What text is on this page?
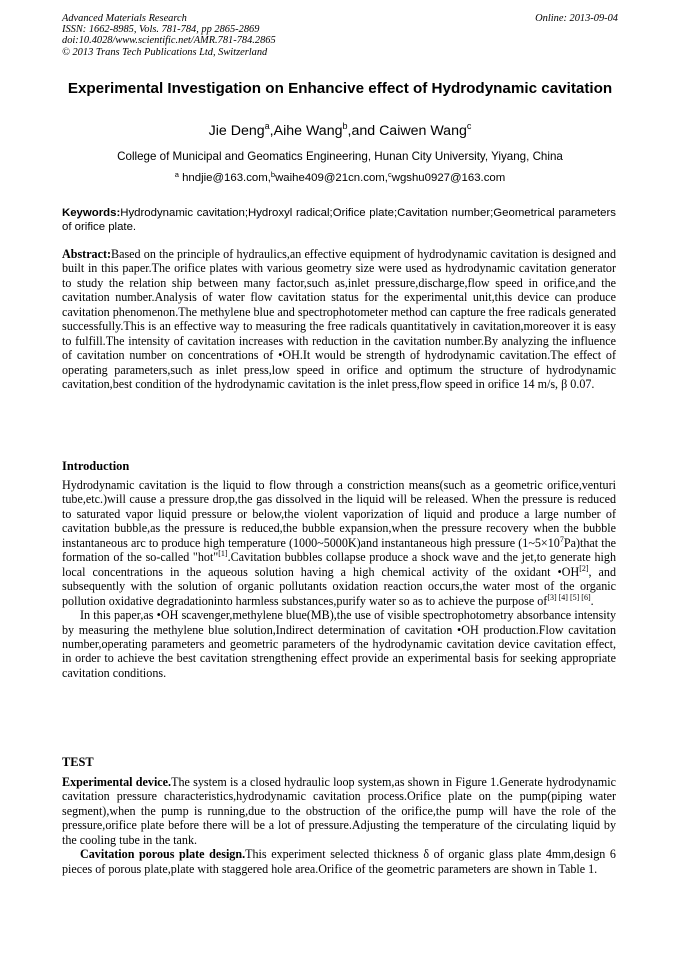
Advanced Materials Research
ISSN: 1662-8985, Vols. 781-784, pp 2865-2869
doi:10.4028/www.scientific.net/AMR.781-784.2865
© 2013 Trans Tech Publications Ltd, Switzerland
Online: 2013-09-04
Experimental Investigation on Enhancive effect of Hydrodynamic cavitation
Jie Deng$^a$,Aihe Wang$^b$,and Caiwen Wang$^c$
College of Municipal and Geomatics Engineering, Hunan City University, Yiyang, China
$^a$ hndjie@163.com,$^b$waihe409@21cn.com,$^c$wgshu0927@163.com
Keywords:Hydrodynamic cavitation;Hydroxyl radical;Orifice plate;Cavitation number;Geometrical parameters of orifice plate.

Abstract:Based on the principle of hydraulics,an effective equipment of hydrodynamic cavitation is designed and built in this paper.The orifice plates with various geometry size were used as hydrodynamic cavitation generator to study the relation ship between many factor,such as,inlet pressure,discharge,flow speed in orifice,and the cavitation number.Analysis of water flow cavitation status for the experimental unit,this device can produce cavitation phenomenon.The methylene blue and spectrophotometer method can capture the free radicals generated successfully.This is an effective way to measuring the free radicals quantitatively in cavitation,moreover it is easy to fulfill.The intensity of cavitation increases with reduction in the cavitation number.By analyzing the influence of cavitation number on concentrations of •OH.It would be strength of hydrodynamic cavitation.The effect of operating parameters,such as inlet press,low speed in orifice and optimum the structure of hydrodynamic cavitation,best condition of the hydrodynamic cavitation is the inlet press,flow speed in orifice 14 m/s, β 0.07.

Introduction

Hydrodynamic cavitation is the liquid to flow through a constriction means(such as a geometric orifice,venturi tube,etc.)will cause a pressure drop,the gas dissolved in the liquid will be released. When the pressure is reduced to saturated vapor liquid pressure or below,the violent vaporization of liquid and produce a large number of cavitation bubble,as the pressure is reduced,the bubble expansion,when the pressure recovery when the bubble instantaneous arc to produce high temperature (1000~5000K)and instantaneous high pressure $(1\sim 5\times 10^7Pa)that$ the formation of the so-called "hot"[1].Cavitation bubbles collapse produce a shock wave and the jet,to generate high local concentrations in the aqueous solution having a high chemical activity of the oxidant •OH[2], and subsequently with the solution of organic pollutants oxidation reaction occurs,the water most of the organic pollution oxidative degradationinto harmless substances,purify water so as to achieve the purpose of[3] [4] [5] [6].

In this paper,as •OH scavenger,methylene blue(MB),the use of visible spectrophotometry absorbance intensity by measuring the methylene blue solution,Indirect determination of cavitation •OH production.Flow cavitation number,operating parameters and geometric parameters of the hydrodynamic cavitation device cavitation effect, in order to achieve the best cavitation strengthening effect provide an experimental basis for seeking appropriate cavitation conditions.

TEST

Experimental device.The system is a closed hydraulic loop system,as shown in Figure 1.Generate hydrodynamic cavitation pressure characteristics,hydrodynamic cavitation process.Orifice plate on the pump(piping water segment),when the pump is running,due to the obstruction of the orifice,the pump will have the role of the pressure,orifice plate before there will be a lot of pressure.Adjusting the temperature of the circulating liquid by the cooling tube in the tank.

Cavitation porous plate design.This experiment selected thickness δ of organic glass plate 4mm,design 6 pieces of porous plate,plate with staggered hole area.Orifice of the geometric parameters are shown in Table 1.
